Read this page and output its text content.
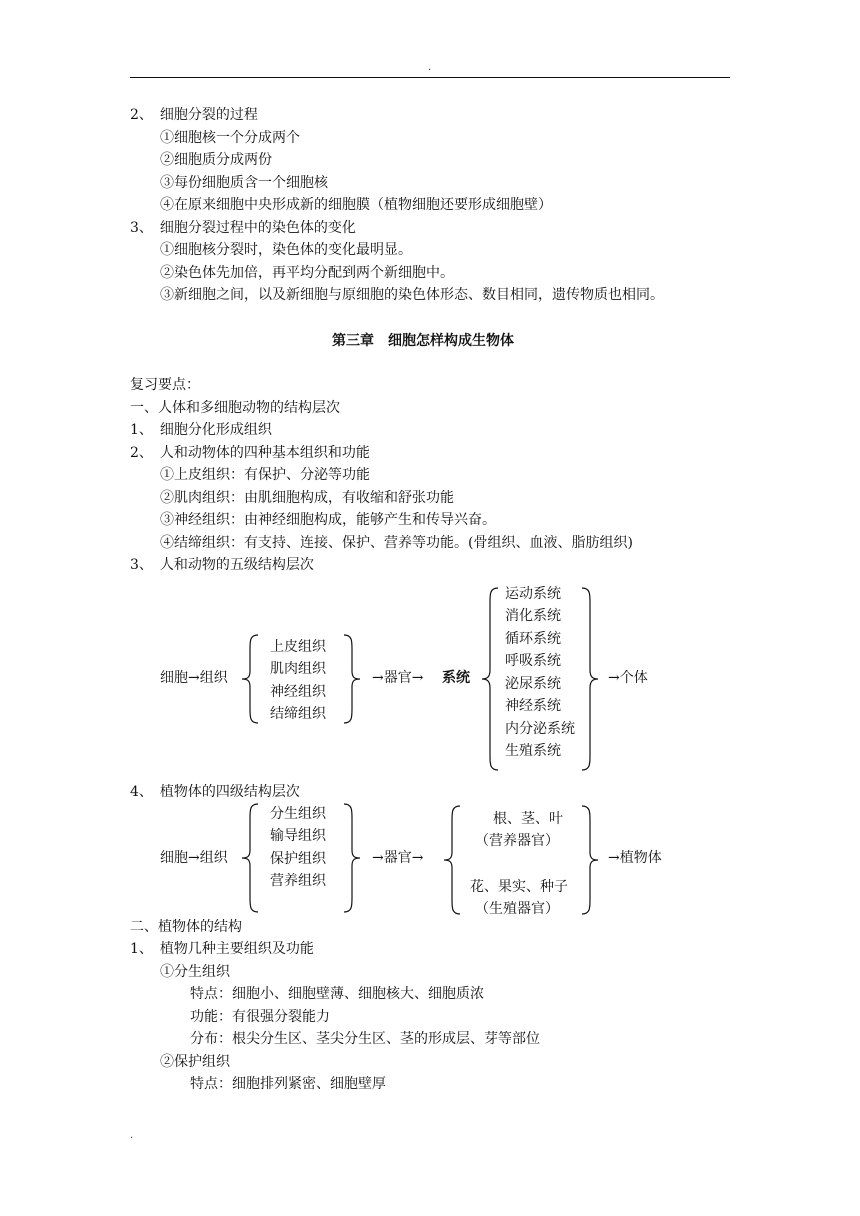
.
2、　细胞分裂的过程
①细胞核一个分成两个
②细胞质分成两份
③每份细胞质含一个细胞核
④在原来细胞中央形成新的细胞膜（植物细胞还要形成细胞壁）
3、　细胞分裂过程中的染色体的变化
①细胞核分裂时，染色体的变化最明显。
②染色体先加倍，再平均分配到两个新细胞中。
③新细胞之间，以及新细胞与原细胞的染色体形态、数目相同，遗传物质也相同。
第三章　细胞怎样构成生物体
复习要点：
一、人体和多细胞动物的结构层次
1、　细胞分化形成组织
2、　人和动物体的四种基本组织和功能
①上皮组织：有保护、分泌等功能
②肌肉组织：由肌细胞构成，有收缩和舒张功能
③神经组织：由神经细胞构成，能够产生和传导兴奋。
④结缔组织：有支持、连接、保护、营养等功能。(骨组织、血液、脂肪组织)
3、　人和动物的五级结构层次
细胞→组织
上皮组织
肌肉组织
神经组织
结缔组织
→器官→ 系统
运动系统
消化系统
循环系统
呼吸系统
泌尿系统
神经系统
内分泌系统
生殖系统
→个体
4、　植物体的四级结构层次
细胞→组织
分生组织
输导组织
保护组织
营养组织
→器官→
根、茎、叶
（营养器官）
花、果实、种子
（生殖器官）
→植物体
二、植物体的结构
1、　植物几种主要组织及功能
①分生组织
特点：细胞小、细胞壁薄、细胞核大、细胞质浓
功能：有很强分裂能力
分布：根尖分生区、茎尖分生区、茎的形成层、芽等部位
②保护组织
特点：细胞排列紧密、细胞壁厚
.
